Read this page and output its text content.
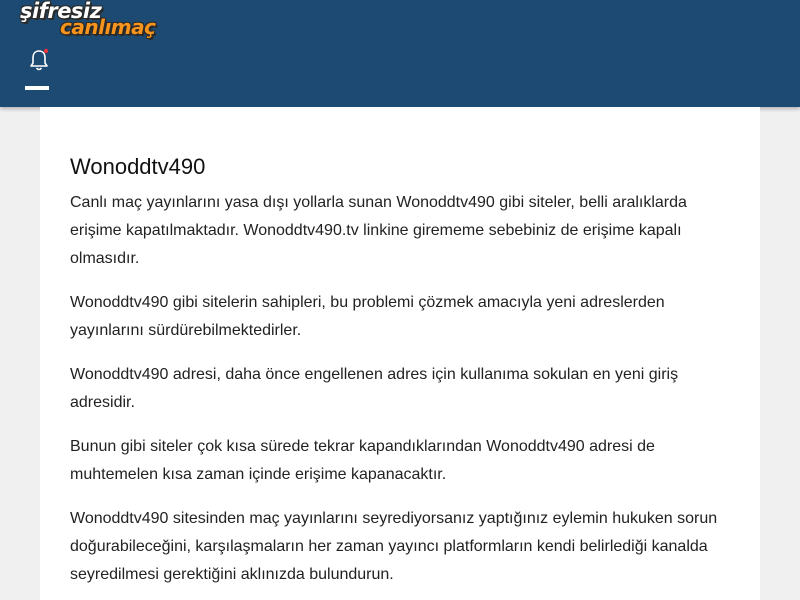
şifresiz
canlımaç
Wonoddtv490

Canlı maç yayınlarını yasa dışı yollarla sunan Wonoddtv490 gibi siteler, belli aralıklarda erişime kapatılmaktadır. Wonoddtv490.tv linkine girememe sebebiniz de erişime kapalı olmasıdır.

Wonoddtv490 gibi sitelerin sahipleri, bu problemi çözmek amacıyla yeni adreslerden yayınlarını sürdürebilmektedirler.

Wonoddtv490 adresi, daha önce engellenen adres için kullanıma sokulan en yeni giriş adresidir.

Bunun gibi siteler çok kısa sürede tekrar kapandıklarından Wonoddtv490 adresi de muhtemelen kısa zaman içinde erişime kapanacaktır.

Wonoddtv490 sitesinden maç yayınlarını seyrediyorsanız yaptığınız eylemin hukuken sorun doğurabileceğini, karşılaşmaların her zaman yayıncı platformların kendi belirlediği kanalda seyredilmesi gerektiğini aklınızda bulundurun.
